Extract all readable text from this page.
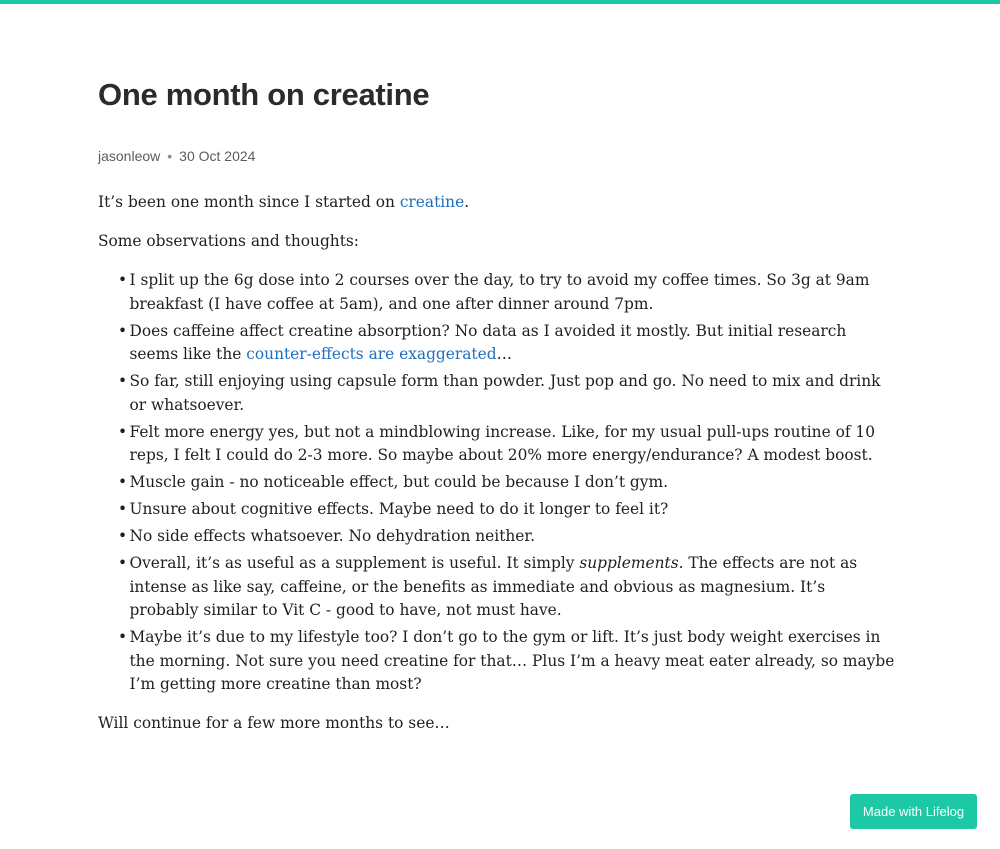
One month on creatine
jasonleow • 30 Oct 2024

It’s been one month since I started on creatine.

Some observations and thoughts:

• I split up the 6g dose into 2 courses over the day, to try to avoid my coffee times. So 3g at 9am breakfast (I have coffee at 5am), and one after dinner around 7pm.
• Does caffeine affect creatine absorption? No data as I avoided it mostly. But initial research seems like the counter-effects are exaggerated…
• So far, still enjoying using capsule form than powder. Just pop and go. No need to mix and drink or whatsoever.
• Felt more energy yes, but not a mindblowing increase. Like, for my usual pull-ups routine of 10 reps, I felt I could do 2-3 more. So maybe about 20% more energy/endurance? A modest boost.
• Muscle gain - no noticeable effect, but could be because I don’t gym.
• Unsure about cognitive effects. Maybe need to do it longer to feel it?
• No side effects whatsoever. No dehydration neither.
• Overall, it’s as useful as a supplement is useful. It simply supplements. The effects are not as intense as like say, caffeine, or the benefits as immediate and obvious as magnesium. It’s probably similar to Vit C - good to have, not must have.
• Maybe it’s due to my lifestyle too? I don’t go to the gym or lift. It’s just body weight exercises in the morning. Not sure you need creatine for that… Plus I’m a heavy meat eater already, so maybe I’m getting more creatine than most?

Will continue for a few more months to see…

Made with Lifelog
